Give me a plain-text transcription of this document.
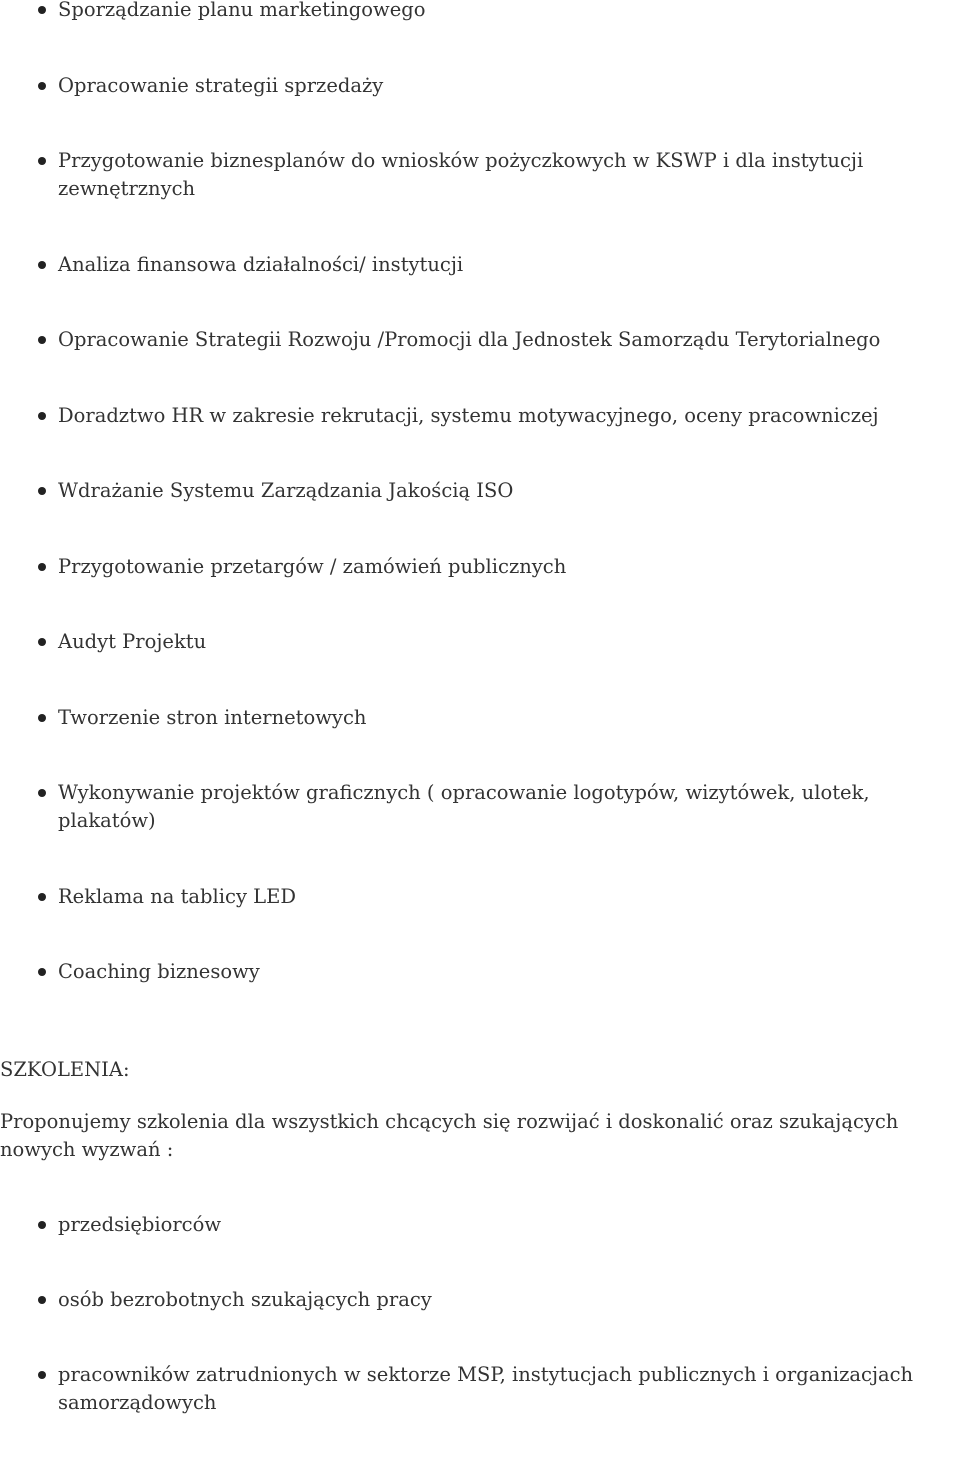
Sporządzanie planu marketingowego
Opracowanie strategii sprzedaży
Przygotowanie biznesplanów do wniosków pożyczkowych w KSWP i dla instytucji zewnętrznych
Analiza finansowa działalności/ instytucji
Opracowanie Strategii Rozwoju /Promocji dla Jednostek Samorządu Terytorialnego
Doradztwo HR w zakresie rekrutacji, systemu motywacyjnego, oceny pracowniczej
Wdrażanie Systemu Zarządzania Jakością ISO
Przygotowanie przetargów / zamówień publicznych
Audyt Projektu
Tworzenie stron internetowych
Wykonywanie projektów graficznych ( opracowanie logotypów, wizytówek, ulotek, plakatów)
Reklama na tablicy LED
Coaching biznesowy
SZKOLENIA:

Proponujemy szkolenia dla wszystkich chcących się rozwijać i doskonalić oraz szukających nowych wyzwań :

przedsiębiorców
osób bezrobotnych szukających pracy
pracowników zatrudnionych w sektorze MSP, instytucjach publicznych i organizacjach samorządowych
